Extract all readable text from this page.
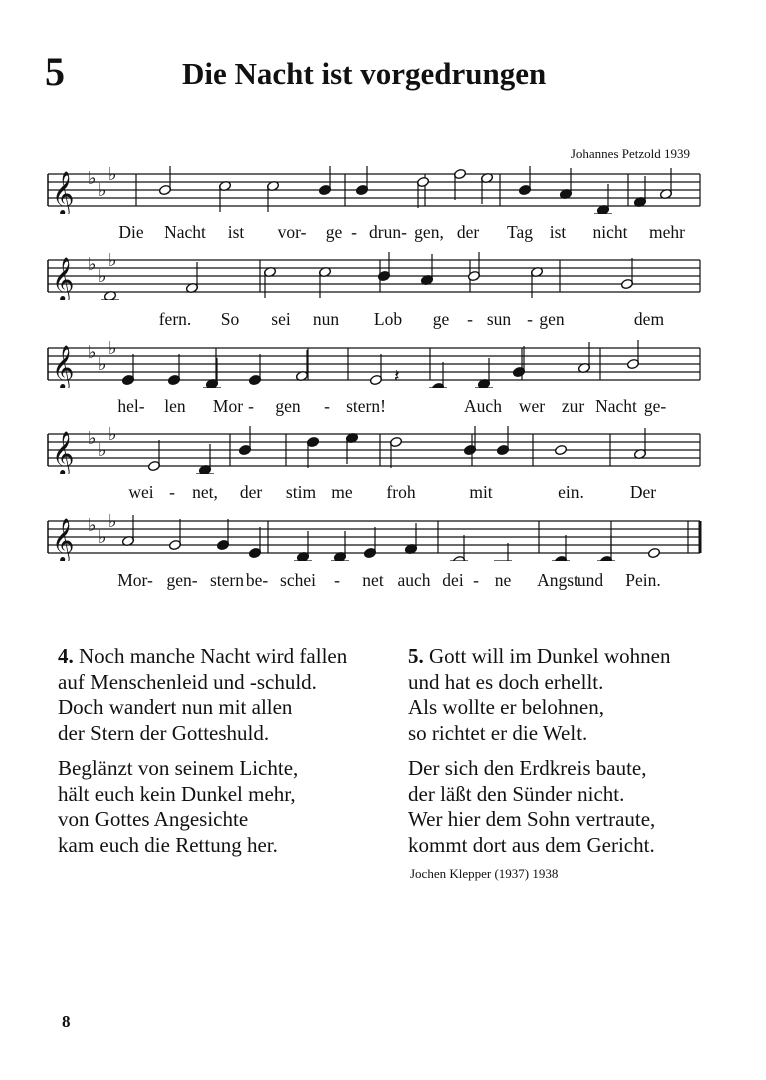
5	Die Nacht ist vorgedrungen
Johannes Petzold 1939
𝄞 ♭
♭
♭
𝄞 ♭
♭
♭
𝄞 ♭
♭
♭
𝄽
𝄞 ♭
♭
♭
𝄞 ♭
♭
♭
Die Nacht ist vor- ge - drun- gen, der Tag ist nicht mehr
fern. So sei nun Lob ge - sun - gen	dem
hel- len Mor - gen - stern!	Auch wer zur Nacht ge-
wei - net, der stim me froh	mit	ein.	Der
Mor- gen- stern be- schei - net auch dei - ne Angst
und Pein.
4. Noch manche Nacht wird fallen
auf Menschenleid und -schuld.
Doch wandert nun mit allen
der Stern der Gotteshuld.
Beglänzt von seinem Lichte,
hält euch kein Dunkel mehr,
von Gottes Angesichte
kam euch die Rettung her.
5. Gott will im Dunkel wohnen
und hat es doch erhellt.
Als wollte er belohnen,
so richtet er die Welt.
Der sich den Erdkreis baute,
der läßt den Sünder nicht.
Wer hier dem Sohn vertraute,
kommt dort aus dem Gericht.
Jochen Klepper (1937) 1938
8
